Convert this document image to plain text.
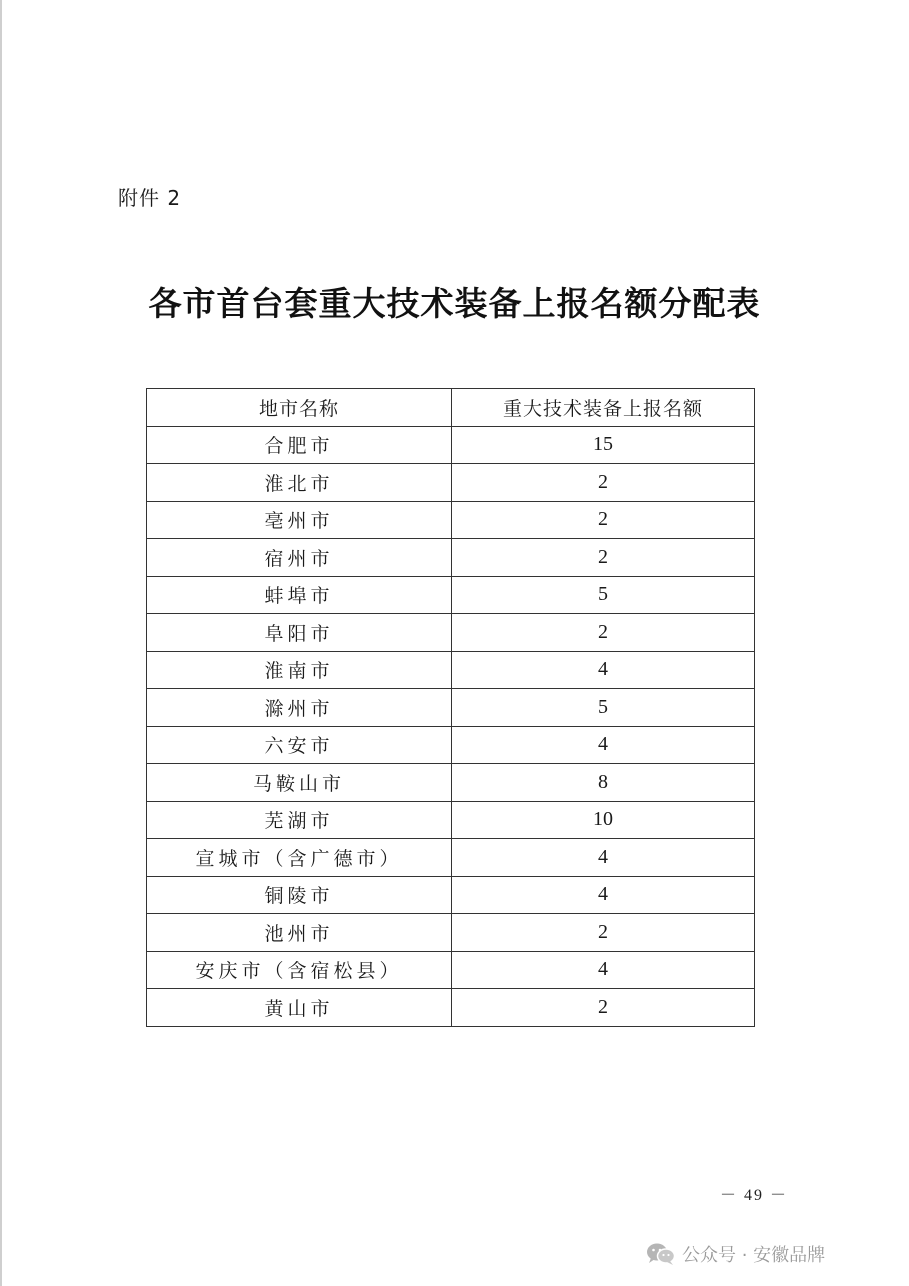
附件 2
各市首台套重大技术装备上报名额分配表
地市名称	重大技术装备上报名额
合肥市	15
淮北市	2
亳州市	2
宿州市	2
蚌埠市	5
阜阳市	2
淮南市	4
滁州市	5
六安市	4
马鞍山市	8
芜湖市	10
宣城市（含广德市）	4
铜陵市	4
池州市	2
安庆市（含宿松县）	4
黄山市	2
－ 49 －
公众号 · 安徽品牌
